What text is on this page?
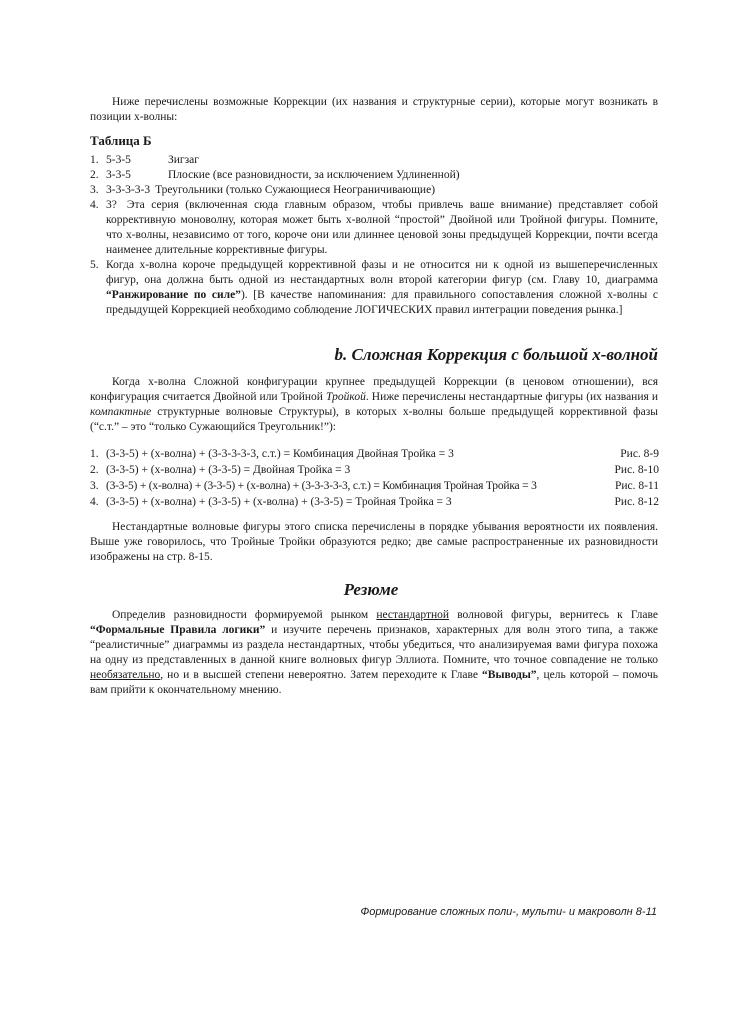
Ниже перечислены возможные Коррекции (их названия и структурные серии), которые могут возникать в позиции x-волны:
Таблица Б
1. 5-3-5	Зигзаг
2. 3-3-5	Плоские (все разновидности, за исключением Удлиненной)
3. 3-3-3-3-3 Треугольники (только Сужающиеся Неограничивающие)
4. 3? Эта серия (включенная сюда главным образом, чтобы привлечь ваше внимание) представляет собой коррективную моноволну, которая может быть x-волной “простой” Двойной или Тройной фигуры. Помните, что x-волны, независимо от того, короче они или длиннее ценовой зоны предыдущей Коррекции, почти всегда наименее длительные коррективные фигуры.
5. Когда x-волна короче предыдущей коррективной фазы и не относится ни к одной из вышеперечисленных фигур, она должна быть одной из нестандартных волн второй категории фигур (см. Главу 10, диаграмма “Ранжирование по силе”). [В качестве напоминания: для правильного сопоставления сложной x-волны с предыдущей Коррекцией необходимо соблюдение ЛОГИЧЕСКИХ правил интеграции поведения рынка.]
b. Сложная Коррекция с большой x-волной
Когда x-волна Сложной конфигурации крупнее предыдущей Коррекции (в ценовом отношении), вся конфигурация считается Двойной или Тройной Тройкой. Ниже перечислены нестандартные фигуры (их названия и компактные структурные волновые Структуры), в которых x-волны больше предыдущей коррективной фазы (“с.т.” – это “только Сужающийся Треугольник!”):
1. (3-3-5) + (x-волна) + (3-3-3-3-3, с.т.) = Комбинация Двойная Тройка = 3	Рис. 8-9
2. (3-3-5) + (x-волна) + (3-3-5) = Двойная Тройка = 3	Рис. 8-10
3. (3-3-5) + (x-волна) + (3-3-5) + (x-волна) + (3-3-3-3-3, с.т.) = Комбинация Тройная Тройка = 3	Рис. 8-11
4. (3-3-5) + (x-волна) + (3-3-5) + (x-волна) + (3-3-5) = Тройная Тройка = 3	Рис. 8-12
Нестандартные волновые фигуры этого списка перечислены в порядке убывания вероятности их появления. Выше уже говорилось, что Тройные Тройки образуются редко; две самые распространенные их разновидности изображены на стр. 8-15.
Резюме
Определив разновидности формируемой рынком нестандартной волновой фигуры, вернитесь к Главе “Формальные Правила логики” и изучите перечень признаков, характерных для волн этого типа, а также “реалистичные” диаграммы из раздела нестандартных, чтобы убедиться, что анализируемая вами фигура похожа на одну из представленных в данной книге волновых фигур Эллиота. Помните, что точное совпадение не только необязательно, но и в высшей степени невероятно. Затем переходите к Главе “Выводы”, цель которой – помочь вам прийти к окончательному мнению.
Формирование сложных поли-, мульти- и макроволн 8-11
